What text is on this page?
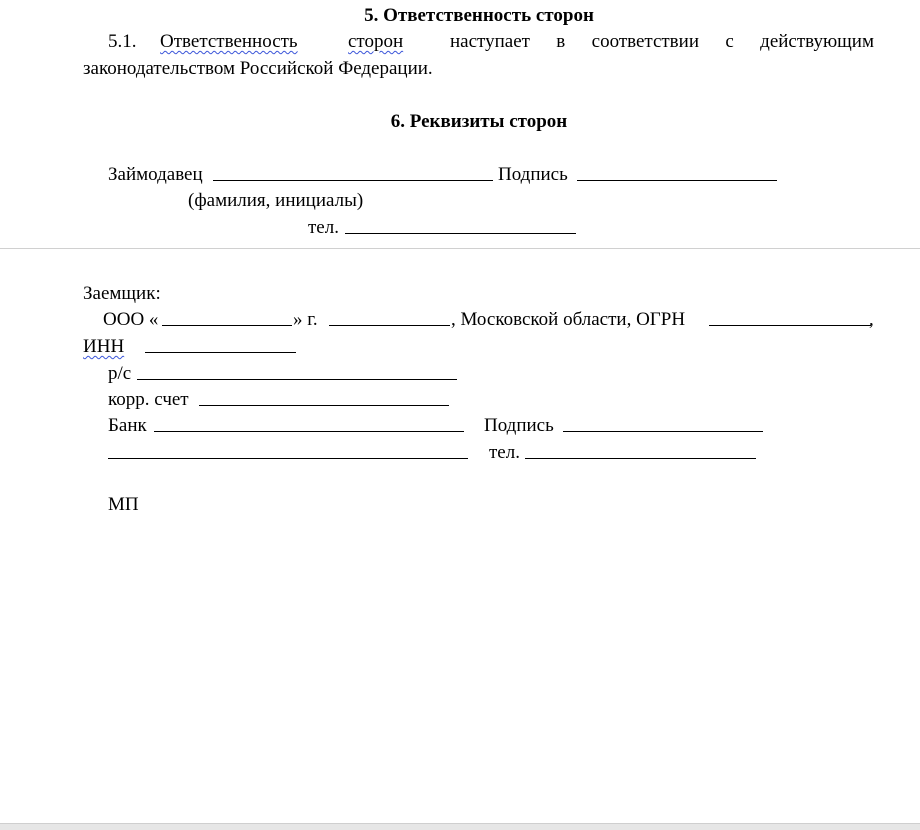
5. Ответственность сторон
5.1. Ответственность	сторон наступает в соответствии с действующим
законодательством Российской Федерации.
6. Реквизиты сторон
Займодавец	Подпись
(фамилия, инициалы)
тел.
Заемщик:
ООО «	» г.	, Московской области, ОГРН	,
ИНН
р/с
корр. счет
Банк	Подпись
тел.
МП
